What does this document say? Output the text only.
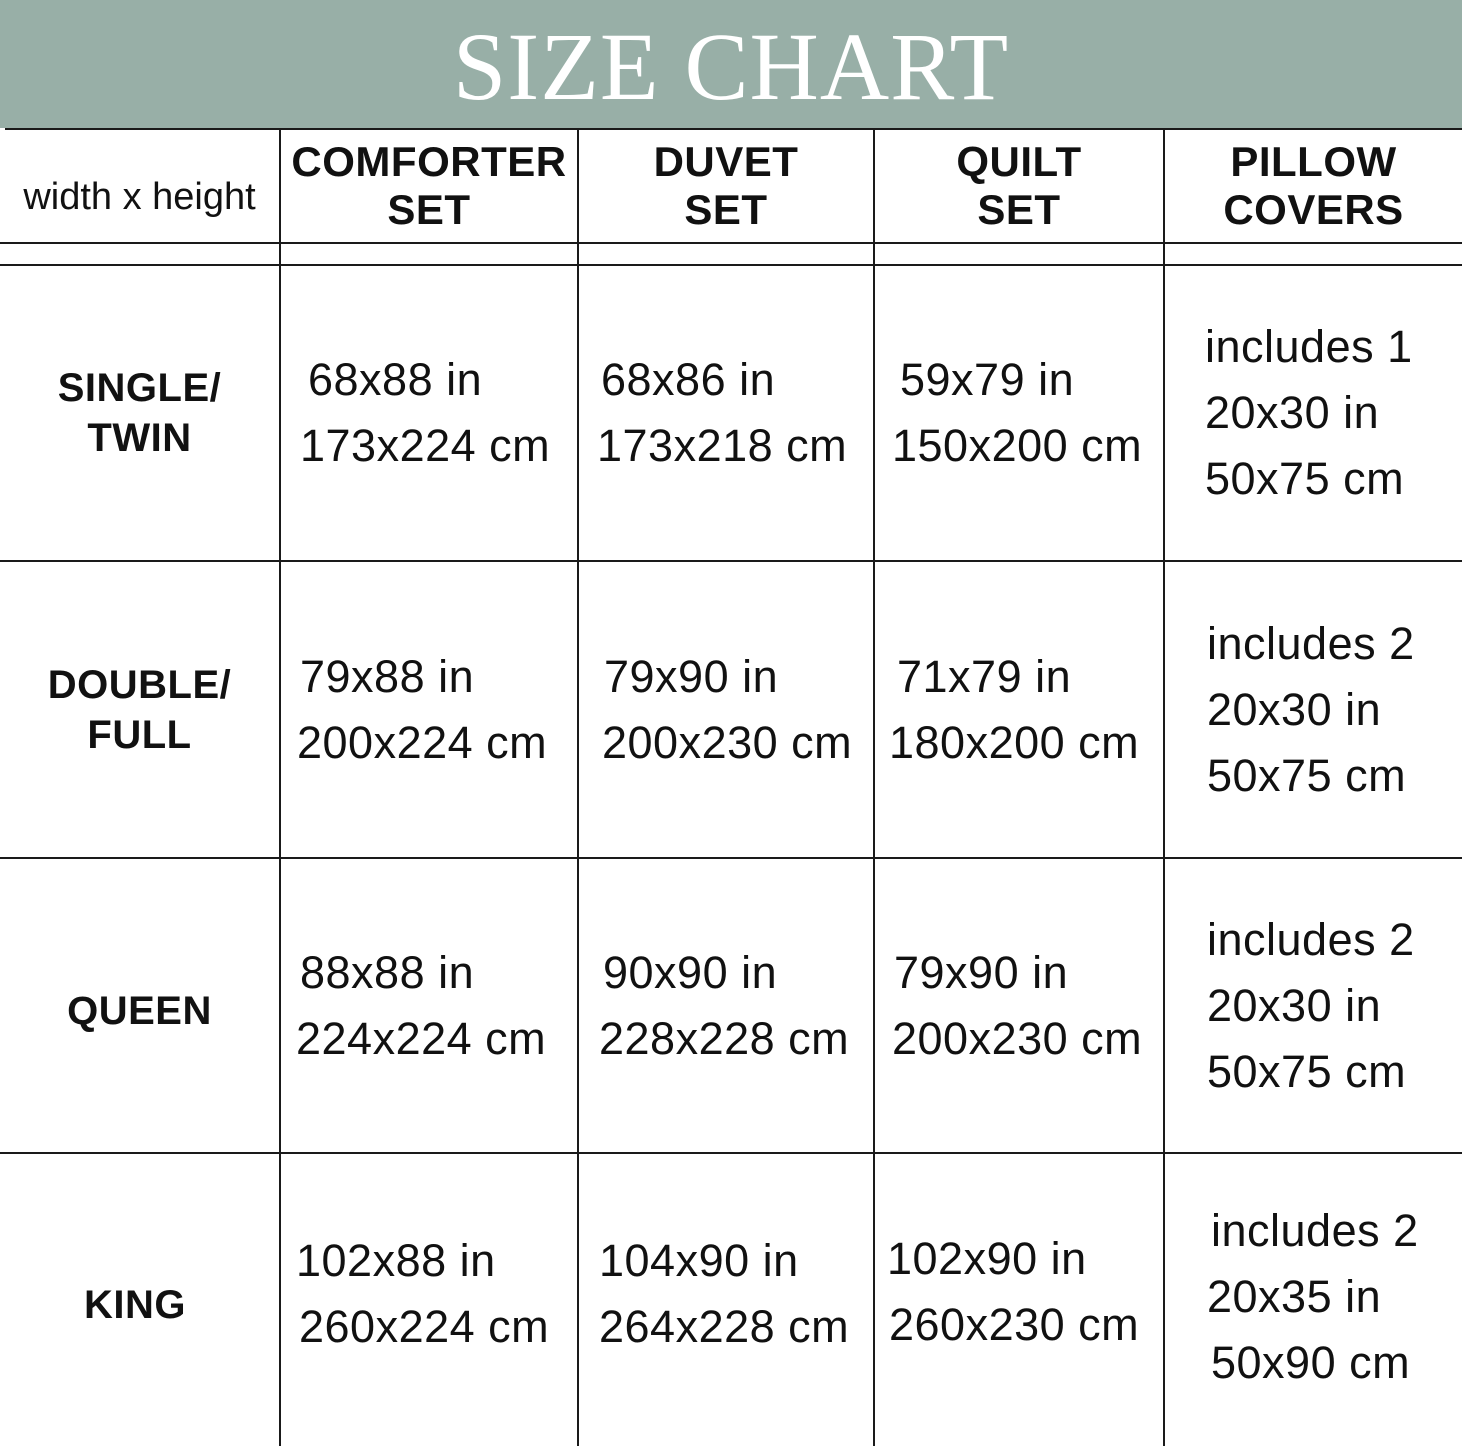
SIZE CHART
width x height
COMFORTER
SET
DUVET
SET
QUILT
SET
PILLOW
COVERS
SINGLE/
TWIN
68x88 in
173x224 cm
68x86 in
173x218 cm
59x79 in
150x200 cm
includes 1
20x30 in
50x75 cm
DOUBLE/
FULL
79x88 in
200x224 cm
79x90 in
200x230 cm
71x79 in
180x200 cm
includes 2
20x30 in
50x75 cm
QUEEN
88x88 in
224x224 cm
90x90 in
228x228 cm
79x90 in
200x230 cm
includes 2
20x30 in
50x75 cm
KING
102x88 in
260x224 cm
104x90 in
264x228 cm
102x90 in
260x230 cm
includes 2
20x35 in
50x90 cm
